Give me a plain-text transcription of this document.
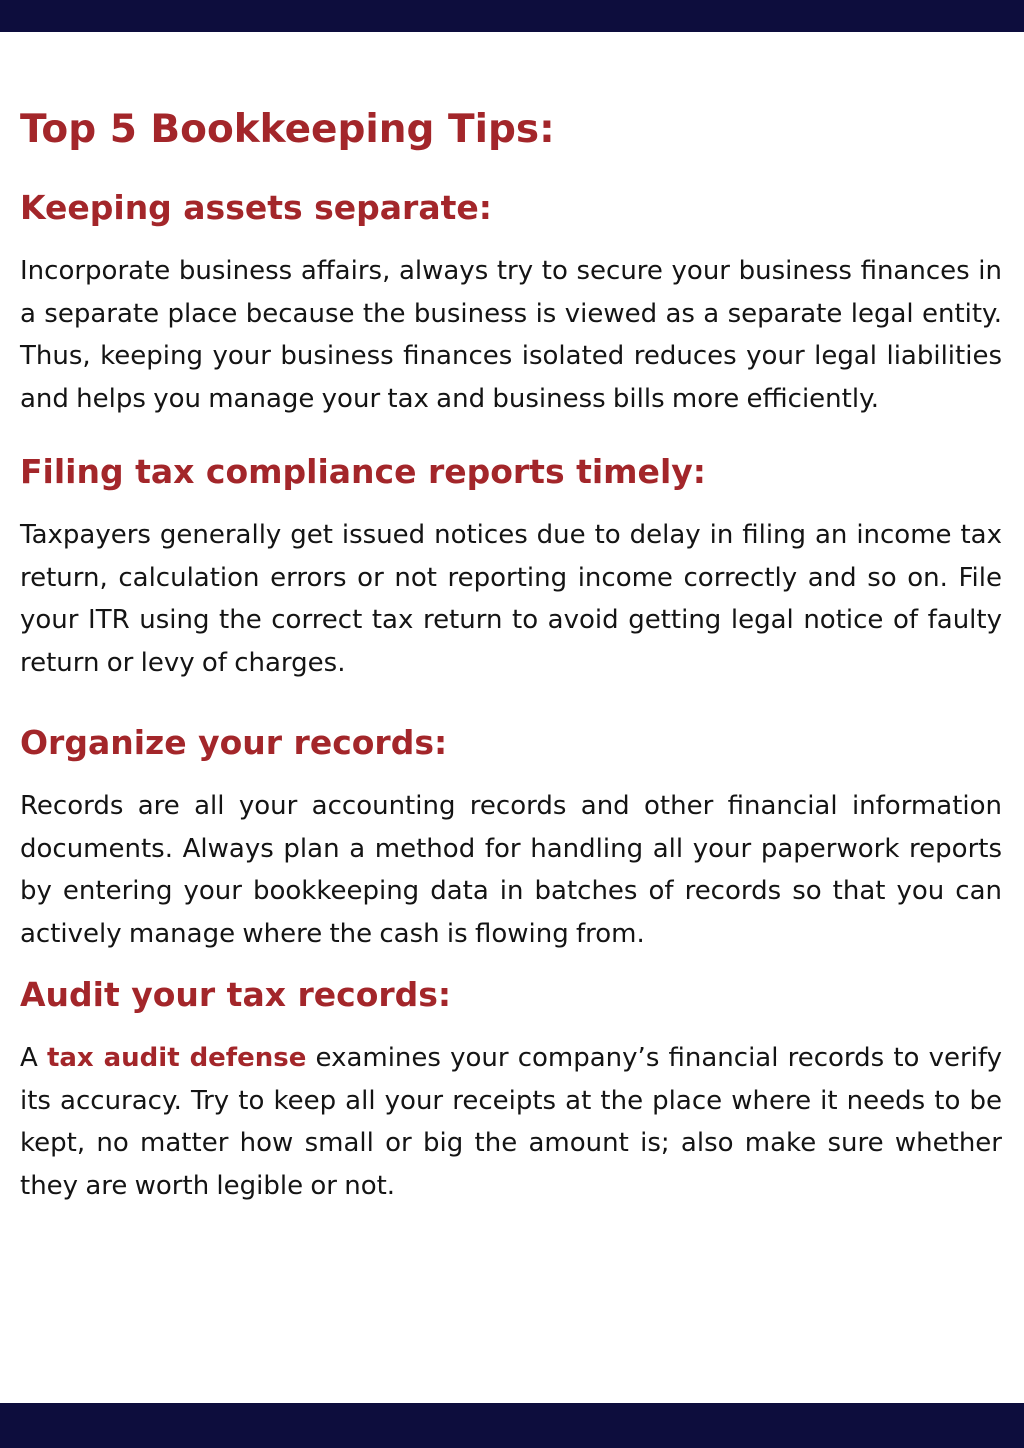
Top 5 Bookkeeping Tips:
Keeping assets separate:

Incorporate business affairs, always try to secure your business finances in a separate place because the business is viewed as a separate legal entity. Thus, keeping your business finances isolated reduces your legal liabilities and helps you manage your tax and business bills more efficiently.

Filing tax compliance reports timely:

Taxpayers generally get issued notices due to delay in filing an income tax return, calculation errors or not reporting income correctly and so on. File your ITR using the correct tax return to avoid getting legal notice of faulty return or levy of charges.

Organize your records:

Records are all your accounting records and other financial information documents. Always plan a method for handling all your paperwork reports by entering your bookkeeping data in batches of records so that you can actively manage where the cash is flowing from.

Audit your tax records:

A tax audit defense examines your company’s financial records to verify its accuracy. Try to keep all your receipts at the place where it needs to be kept, no matter how small or big the amount is; also make sure whether they are worth legible or not.
